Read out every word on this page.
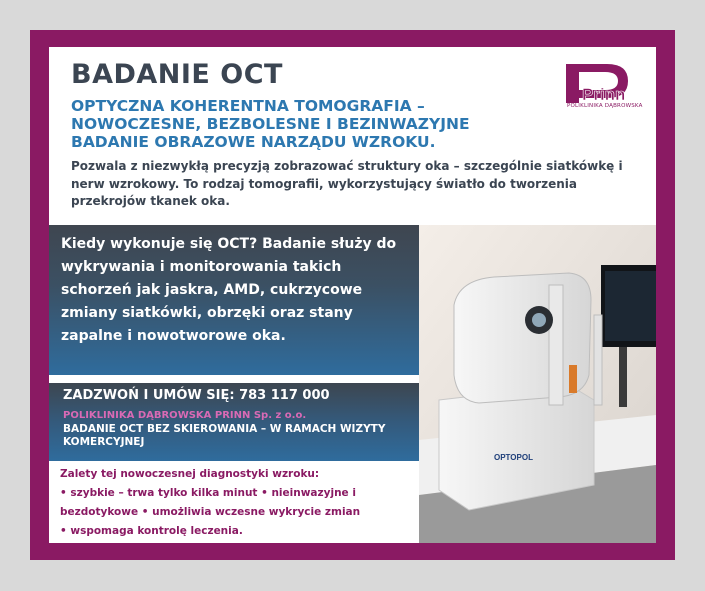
BADANIE OCT
OPTYCZNA KOHERENTNA TOMOGRAFIA – NOWOCZESNE, BEZBOLESNE I BEZINWAZYJNE BADANIE OBRAZOWE NARZĄDU WZROKU.

Pozwala z niezwykłą precyzją zobrazować struktury oka – szczególnie siatkówkę i nerw wzrokowy. To rodzaj tomografii, wykorzystujący światło do tworzenia przekrojów tkanek oka.

Prinn
POLIKLINIKA DĄBROWSKA

Kiedy wykonuje się OCT? Badanie służy do wykrywania i monitorowania takich schorzeń jak jaskra, AMD, cukrzycowe zmiany siatkówki, obrzęki oraz stany zapalne i nowotworowe oka.

ZADZWOŃ I UMÓW SIĘ: 783 117 000
POLIKLINIKA DĄBROWSKA PRINN Sp. z o.o.
BADANIE OCT BEZ SKIEROWANIA – W RAMACH WIZYTY KOMERCYJNEJ
Zalety tej nowoczesnej diagnostyki wzroku:
• szybkie – trwa tylko kilka minut • nieinwazyjne i
bezdotykowe • umożliwia wczesne wykrycie zmian
• wspomaga kontrolę leczenia.
OPTOPOL
